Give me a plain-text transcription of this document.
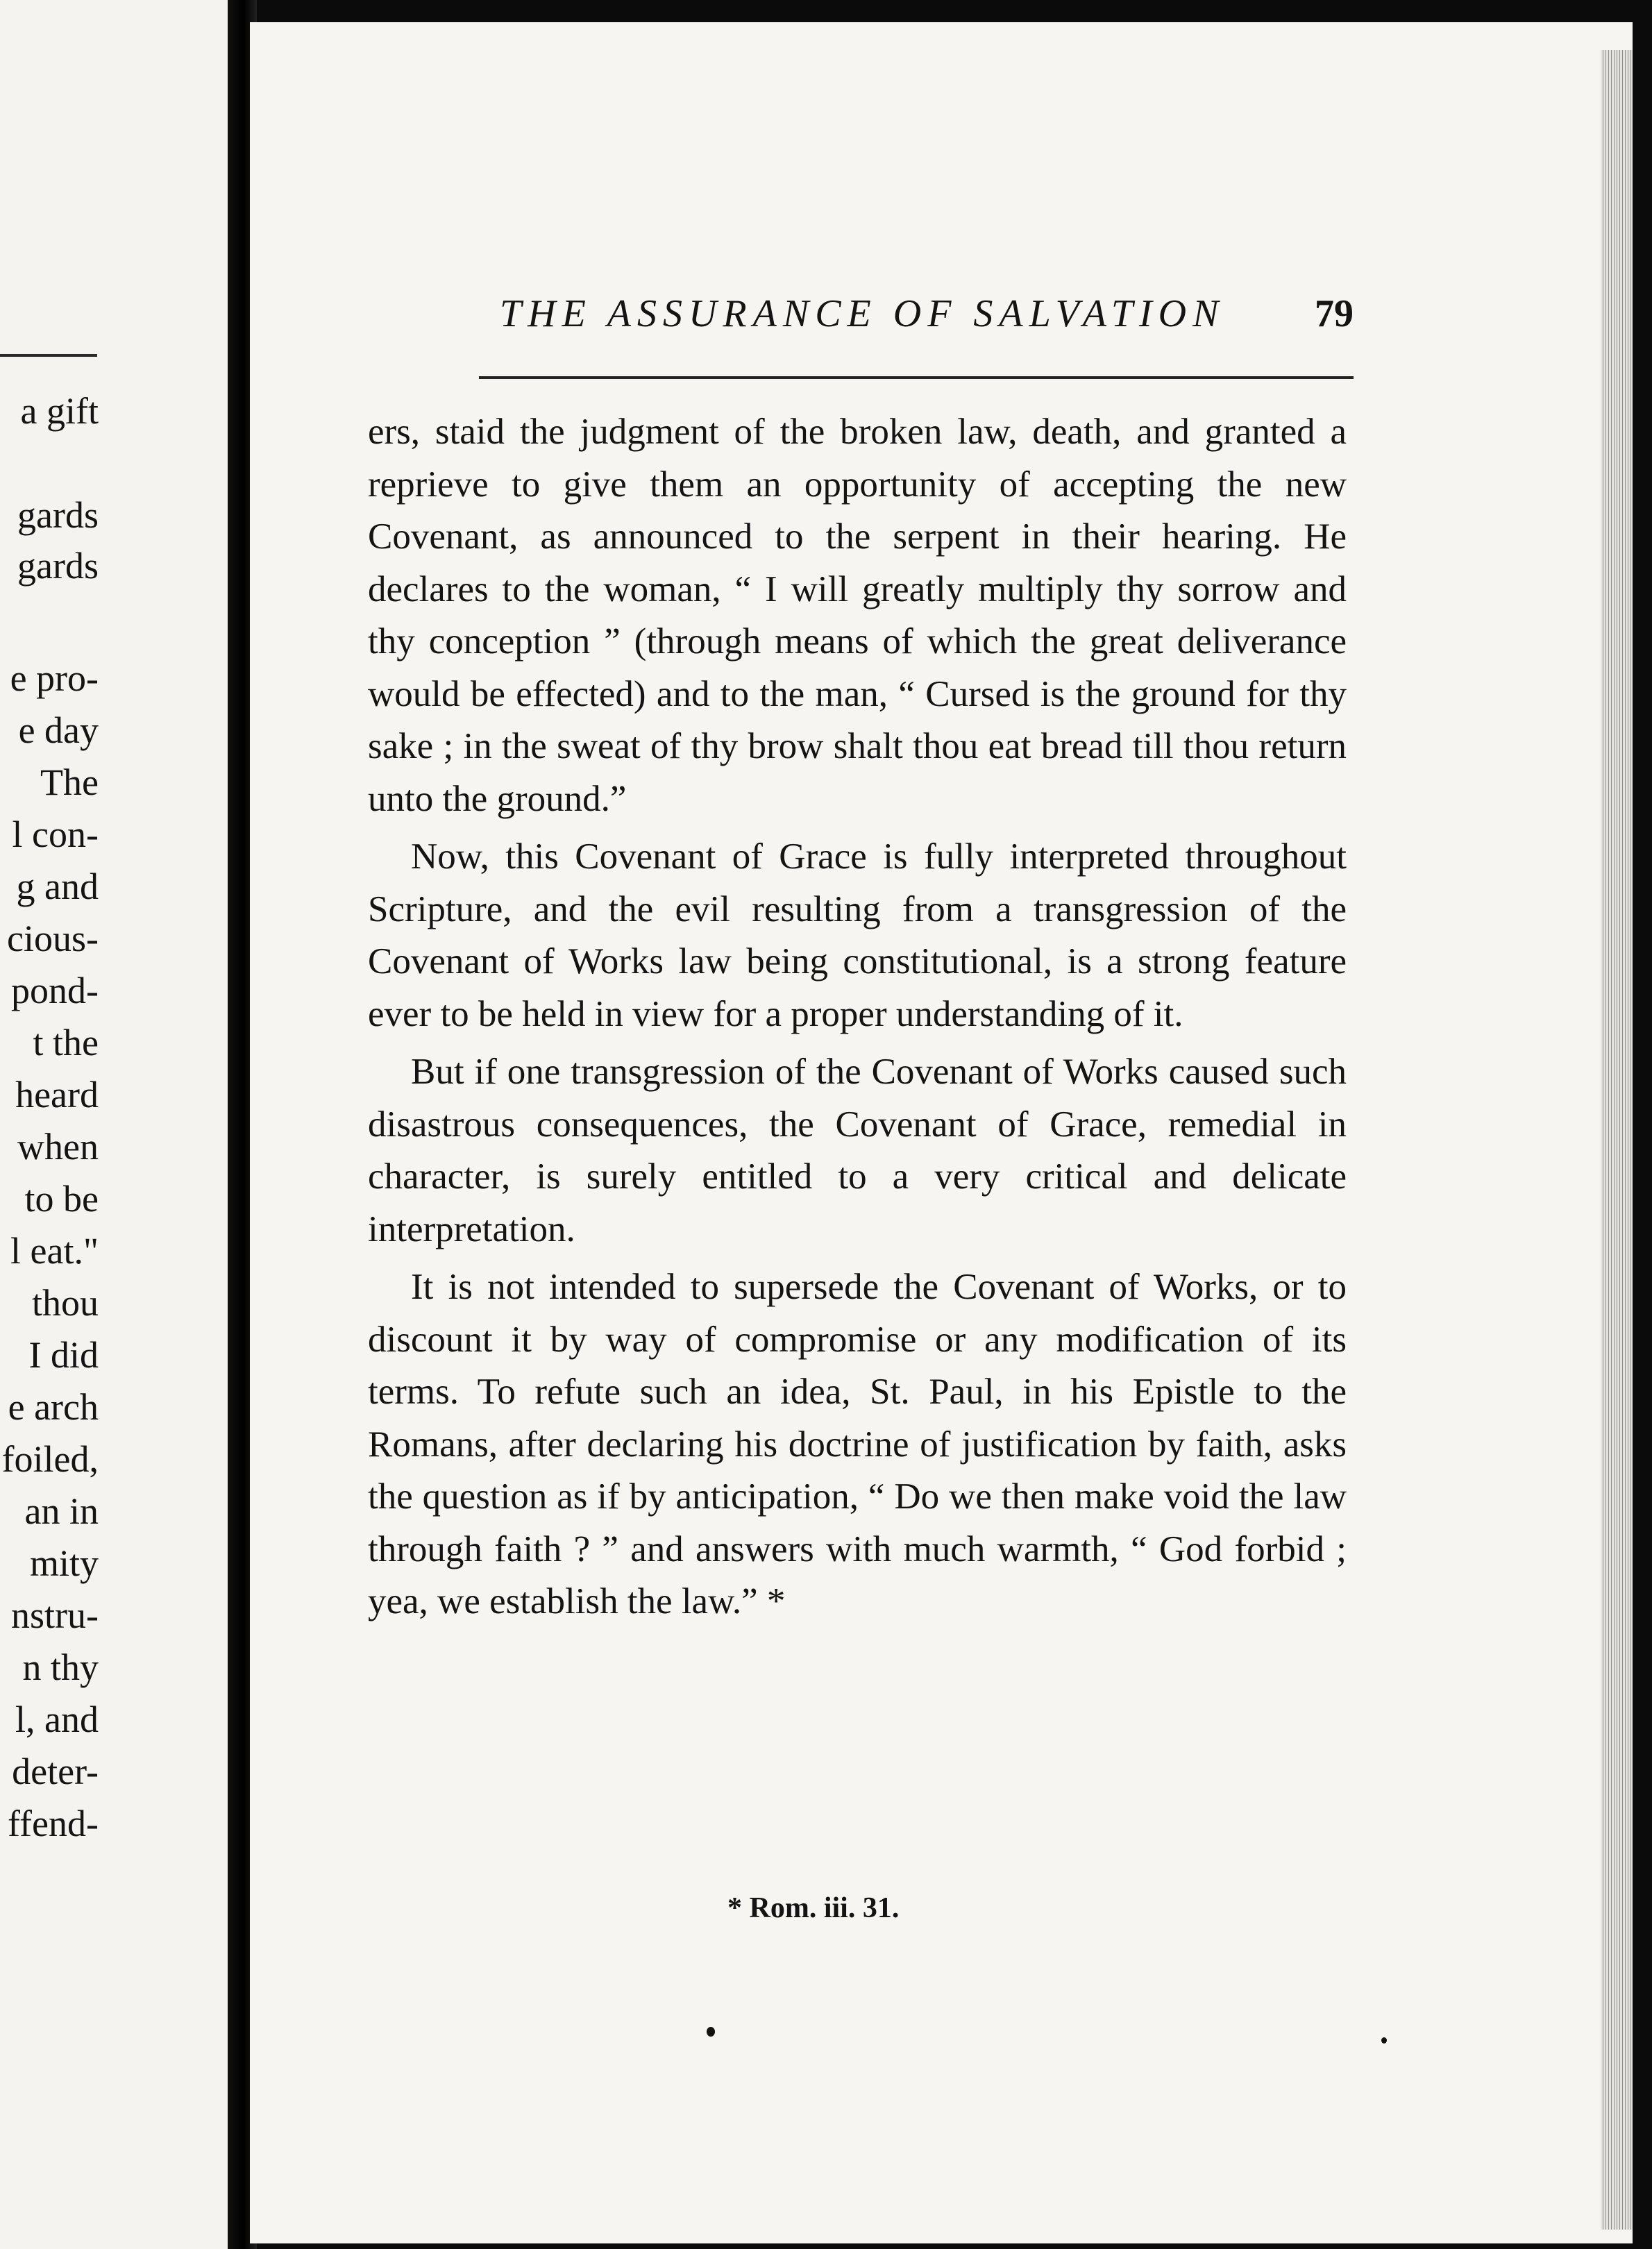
a gift
gards
gards
e pro-
e day
The
l con-
g and
cious-
pond-
t the
heard
when
to be
l eat."
thou
I did
e arch
foiled,
an in
mity
nstru-
n thy
l, and
deter-
ffend-
THE ASSURANCE OF SALVATION 79

ers, staid the judgment of the broken law, death, and granted a reprieve to give them an opportunity of accepting the new Covenant, as announced to the serpent in their hearing. He declares to the woman, “ I will greatly multiply thy sorrow and thy conception ” (through means of which the great deliverance would be effected) and to the man, “ Cursed is the ground for thy sake ; in the sweat of thy brow shalt thou eat bread till thou return unto the ground.”

Now, this Covenant of Grace is fully interpreted throughout Scripture, and the evil resulting from a transgression of the Covenant of Works law being constitutional, is a strong feature ever to be held in view for a proper understanding of it.

But if one transgression of the Covenant of Works caused such disastrous consequences, the Covenant of Grace, remedial in character, is surely entitled to a very critical and delicate interpretation.

It is not intended to supersede the Covenant of Works, or to discount it by way of compromise or any modification of its terms. To refute such an idea, St. Paul, in his Epistle to the Romans, after declaring his doctrine of justification by faith, asks the question as if by anticipation, “ Do we then make void the law through faith ? ” and answers with much warmth, “ God forbid ; yea, we establish the law.” *

* Rom. iii. 31.
